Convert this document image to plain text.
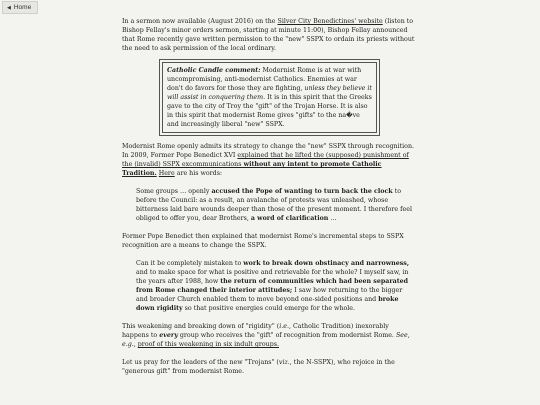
◀ Home

In a sermon now available (August 2016) on the Silver City Benedictines' website (listen to Bishop Fellay's minor orders sermon, starting at minute 11:00), Bishop Fellay announced that Rome recently gave written permission to the "new" SSPX to ordain its priests without the need to ask permission of the local ordinary.

Catholic Candle comment: Modernist Rome is at war with uncompromising, anti-modernist Catholics. Enemies at war don't do favors for those they are fighting, unless they believe it will assist in conquering them. It is in this spirit that the Greeks gave to the city of Troy the "gift" of the Trojan Horse. It is also in this spirit that modernist Rome gives "gifts" to the na�ve and increasingly liberal "new" SSPX.

Modernist Rome openly admits its strategy to change the "new" SSPX through recognition. In 2009, Former Pope Benedict XVI explained that he lifted the (supposed) punishment of the (invalid) SSPX excommunications without any intent to promote Catholic Tradition. Here are his words:

Some groups … openly accused the Pope of wanting to turn back the clock to before the Council: as a result, an avalanche of protests was unleashed, whose bitterness laid bare wounds deeper than those of the present moment. I therefore feel obliged to offer you, dear Brothers, a word of clarification …

Former Pope Benedict then explained that modernist Rome's incremental steps to SSPX recognition are a means to change the SSPX.

Can it be completely mistaken to work to break down obstinacy and narrowness, and to make space for what is positive and retrievable for the whole? I myself saw, in the years after 1988, how the return of communities which had been separated from Rome changed their interior attitudes; I saw how returning to the bigger and broader Church enabled them to move beyond one-sided positions and broke down rigidity so that positive energies could emerge for the whole.

This weakening and breaking down of "rigidity" (i.e., Catholic Tradition) inexorably happens to every group who receives the "gift" of recognition from modernist Rome. See, e.g., proof of this weakening in six indult groups.

Let us pray for the leaders of the new "Trojans" (viz., the N-SSPX), who rejoice in the "generous gift" from modernist Rome.
